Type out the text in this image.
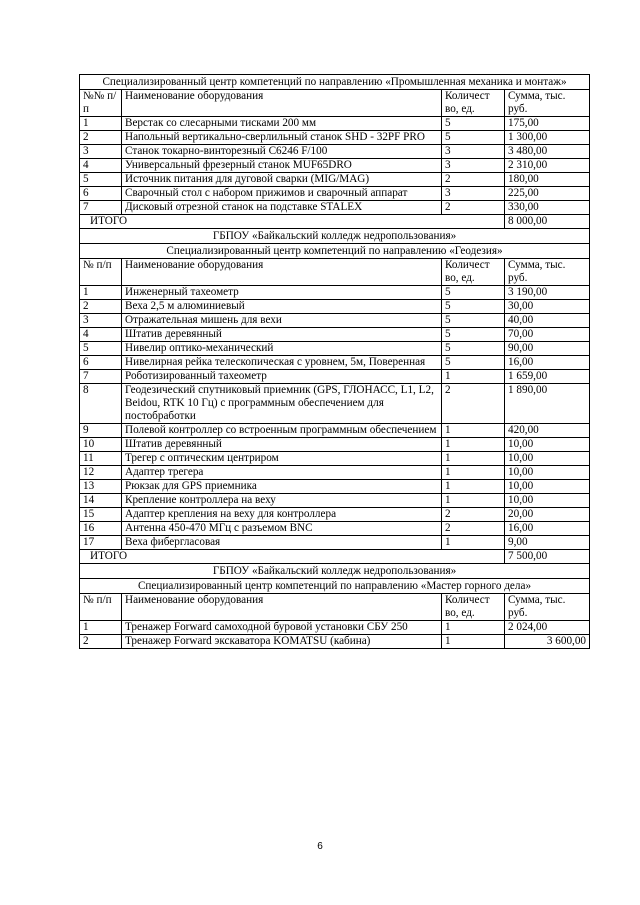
Специализированный центр компетенций по направлению «Промышленная механика и монтаж»			
№№ п/п	Наименование оборудования	Количест во, ед.	Сумма, тыс. руб.
1	Верстак со слесарными тисками 200 мм	5	175,00
2	Напольный вертикально-сверлильный станок SHD - 32PF PRO	5	1 300,00
3	Станок токарно-винторезный С6246 F/100	3	3 480,00
4	Универсальный фрезерный станок MUF65DRO	3	2 310,00
5	Источник питания для дуговой сварки (MIG/MAG)	2	180,00
6	Сварочный стол с набором прижимов и сварочный аппарат	3	225,00
7	Дисковый отрезной станок на подставке STALEX	2	330,00
ИТОГО			8 000,00
ГБПОУ «Байкальский колледж недропользования»			
Специализированный центр компетенций по направлению «Геодезия»			
№ п/п	Наименование оборудования	Количест во, ед.	Сумма, тыс. руб.
1	Инженерный тахеометр	5	3 190,00
2	Веха 2,5 м алюминиевый	5	30,00
3	Отражательная мишень для вехи	5	40,00
4	Штатив деревянный	5	70,00
5	Нивелир оптико-механический	5	90,00
6	Нивелирная рейка телескопическая с уровнем, 5м, Поверенная	5	16,00
7	Роботизированный тахеометр	1	1 659,00
8	Геодезический спутниковый приемник (GPS, ГЛОНАСС, L1, L2, Beidou, RTK 10 Гц) с программным обеспечением для постобработки	2	1 890,00
9	Полевой контроллер со встроенным программным обеспечением	1	420,00
10	Штатив деревянный	1	10,00
11	Трегер с оптическим центриром	1	10,00
12	Адаптер трегера	1	10,00
13	Рюкзак для GPS приемника	1	10,00
14	Крепление контроллера на веху	1	10,00
15	Адаптер крепления на веху для контроллера	2	20,00
16	Антенна 450-470 МГц с разъемом BNC	2	16,00
17	Веха фибергласовая	1	9,00
ИТОГО			7 500,00
ГБПОУ «Байкальский колледж недропользования»			
Специализированный центр компетенций по направлению «Мастер горного дела»			
№ п/п	Наименование оборудования	Количест во, ед.	Сумма, тыс. руб.
1	Тренажер Forward самоходной буровой установки СБУ 250	1	2 024,00
2	Тренажер Forward экскаватора KOMATSU (кабина)	1	3 600,00
6
